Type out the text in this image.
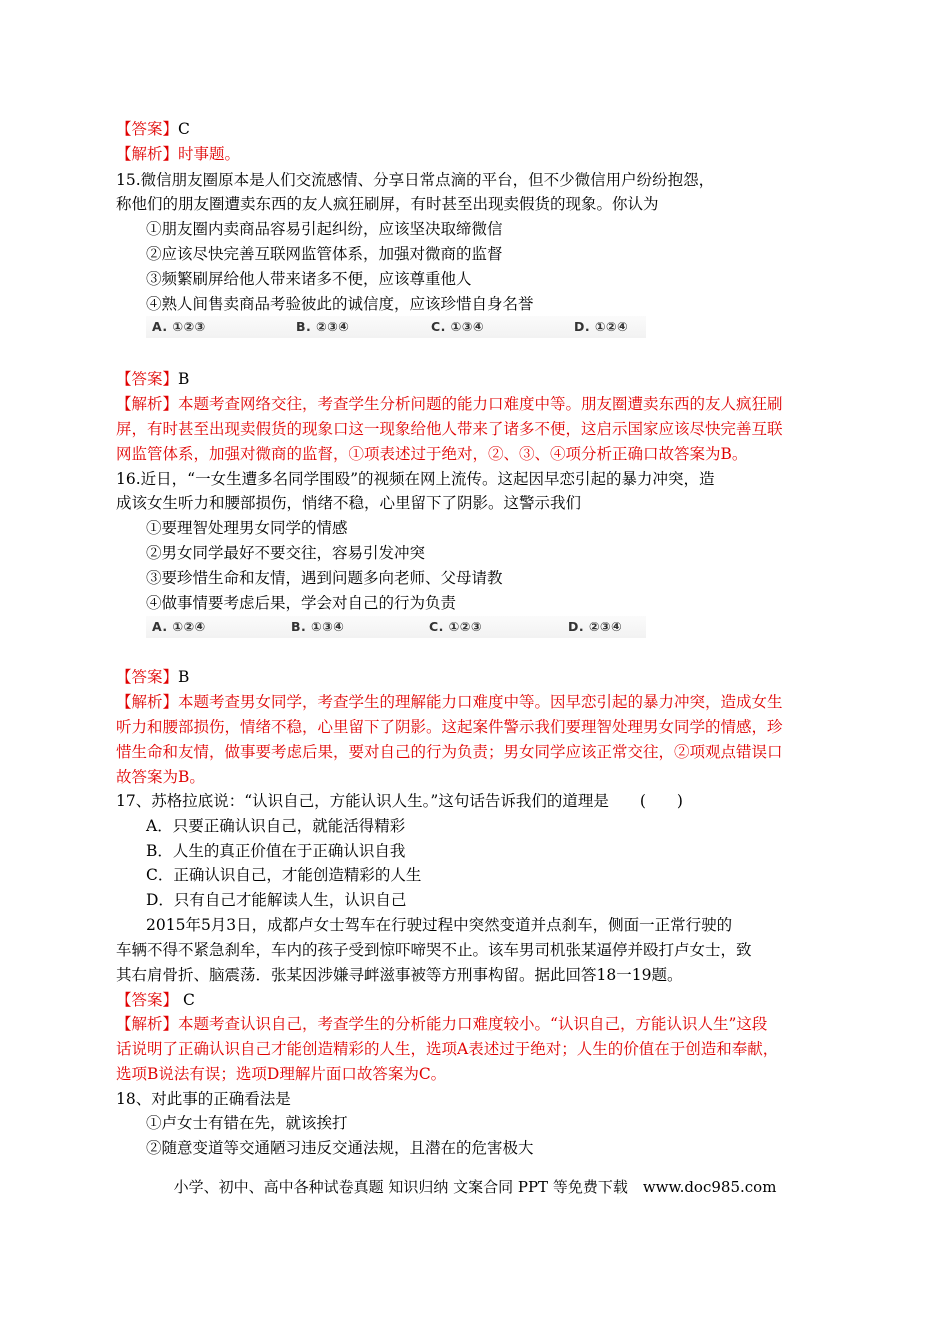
【答案】C
【解析】时事题。
15.微信朋友圈原本是人们交流感情、分享日常点滴的平台，但不少微信用户纷纷抱怨，
称他们的朋友圈遭卖东西的友人疯狂刷屏，有时甚至出现卖假货的现象。你认为
①朋友圈内卖商品容易引起纠纷，应该坚决取缔微信
②应该尽快完善互联网监管体系，加强对微商的监督
③频繁刷屏给他人带来诸多不便，应该尊重他人
④熟人间售卖商品考验彼此的诚信度，应该珍惜自身名誉
【答案】B
【解析】本题考查网络交往，考查学生分析问题的能力口难度中等。朋友圈遭卖东西的友人疯狂刷
屏，有时甚至出现卖假货的现象口这一现象给他人带来了诸多不便，这启示国家应该尽快完善互联
网监管体系，加强对微商的监督，①项表述过于绝对，②、③、④项分析正确口故答案为B。
16.近日，“一女生遭多名同学围殴”的视频在网上流传。这起因早恋引起的暴力冲突，造
成该女生听力和腰部损伤，悄绪不稳，心里留下了阴影。这警示我们
①要理智处理男女同学的情感
②男女同学最好不要交往，容易引发冲突
③要珍惜生命和友情，遇到问题多向老师、父母请教
④做事情要考虑后果，学会对自己的行为负责
【答案】B
【解析】本题考查男女同学，考查学生的理解能力口难度中等。因早恋引起的暴力冲突，造成女生
听力和腰部损伤，情绪不稳，心里留下了阴影。这起案件警示我们要理智处理男女同学的情感，珍
惜生命和友情，做事要考虑后果，要对自己的行为负责；男女同学应该正常交往，②项观点错误口
故答案为B。
17、苏格拉底说：“认识自己，方能认识人生。”这句话告诉我们的道理是　　(　　)
A．只要正确认识自己，就能活得精彩
B．人生的真正价值在于正确认识自我
C．正确认识自己，才能创造精彩的人生
D．只有自己才能解读人生，认识自己
2015年5月3日，成都卢女士驾车在行驶过程中突然变道并点刹车，侧面一正常行驶的
车辆不得不紧急刹牟，车内的孩子受到惊吓啼哭不止。该车男司机张某逼停并殴打卢女士，致
其右肩骨折、脑震荡．张某因涉嫌寻衅滋事被等方刑事构留。据此回答18一19题。
【答案】 C
【解析】本题考查认识自己，考查学生的分析能力口难度较小。“认识自己，方能认识人生”这段
话说明了正确认识自己才能创造精彩的人生，选项A表述过于绝对；人生的价值在于创造和奉献，
选项B说法有误；选项D理解片面口故答案为C。
18、对此事的正确看法是
①卢女士有错在先，就该挨打
②随意变道等交通陋习违反交通法规，且潜在的危害极大
A. ①②③	B. ②③④	C. ①③④	D. ①②④
A. ①②④	B. ①③④	C. ①②③	D. ②③④
小学、初中、高中各种试卷真题 知识归纳 文案合同 PPT 等免费下载　www.doc985.com
